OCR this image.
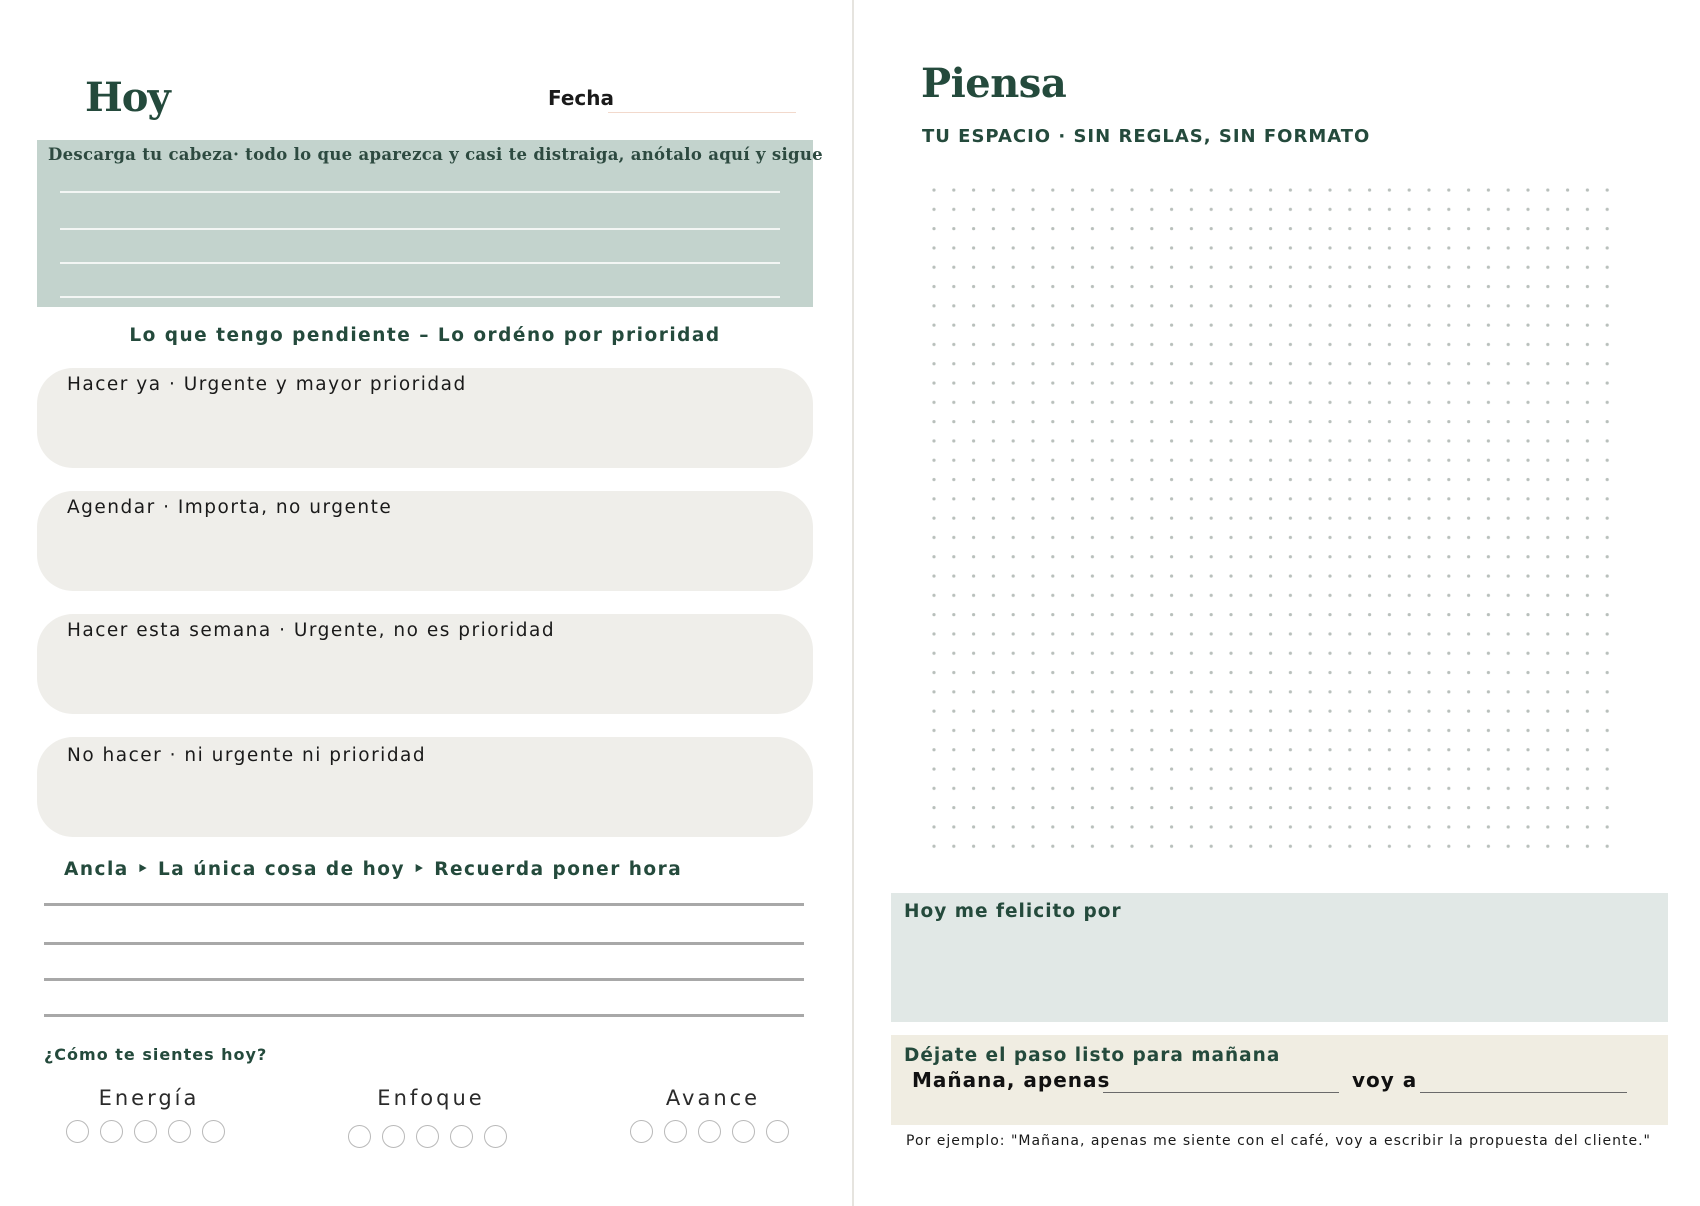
Hoy	Fecha
Descarga tu cabeza· todo lo que aparezca y casi te distraiga, anótalo aquí y sigue
Lo que tengo pendiente – Lo ordéno por prioridad
Hacer ya · Urgente y mayor prioridad
Agendar · Importa, no urgente
Hacer esta semana · Urgente, no es prioridad
No hacer · ni urgente ni prioridad
Ancla ‣ La única cosa de hoy ‣ Recuerda poner hora
¿Cómo te sientes hoy?
Energía	Enfoque	Avance
Piensa
TU ESPACIO · SIN REGLAS, SIN FORMATO
Hoy me felicito por
Déjate el paso listo para mañana
Mañana, apenas	voy a
Por ejemplo: "Mañana, apenas me siente con el café, voy a escribir la propuesta del cliente."
